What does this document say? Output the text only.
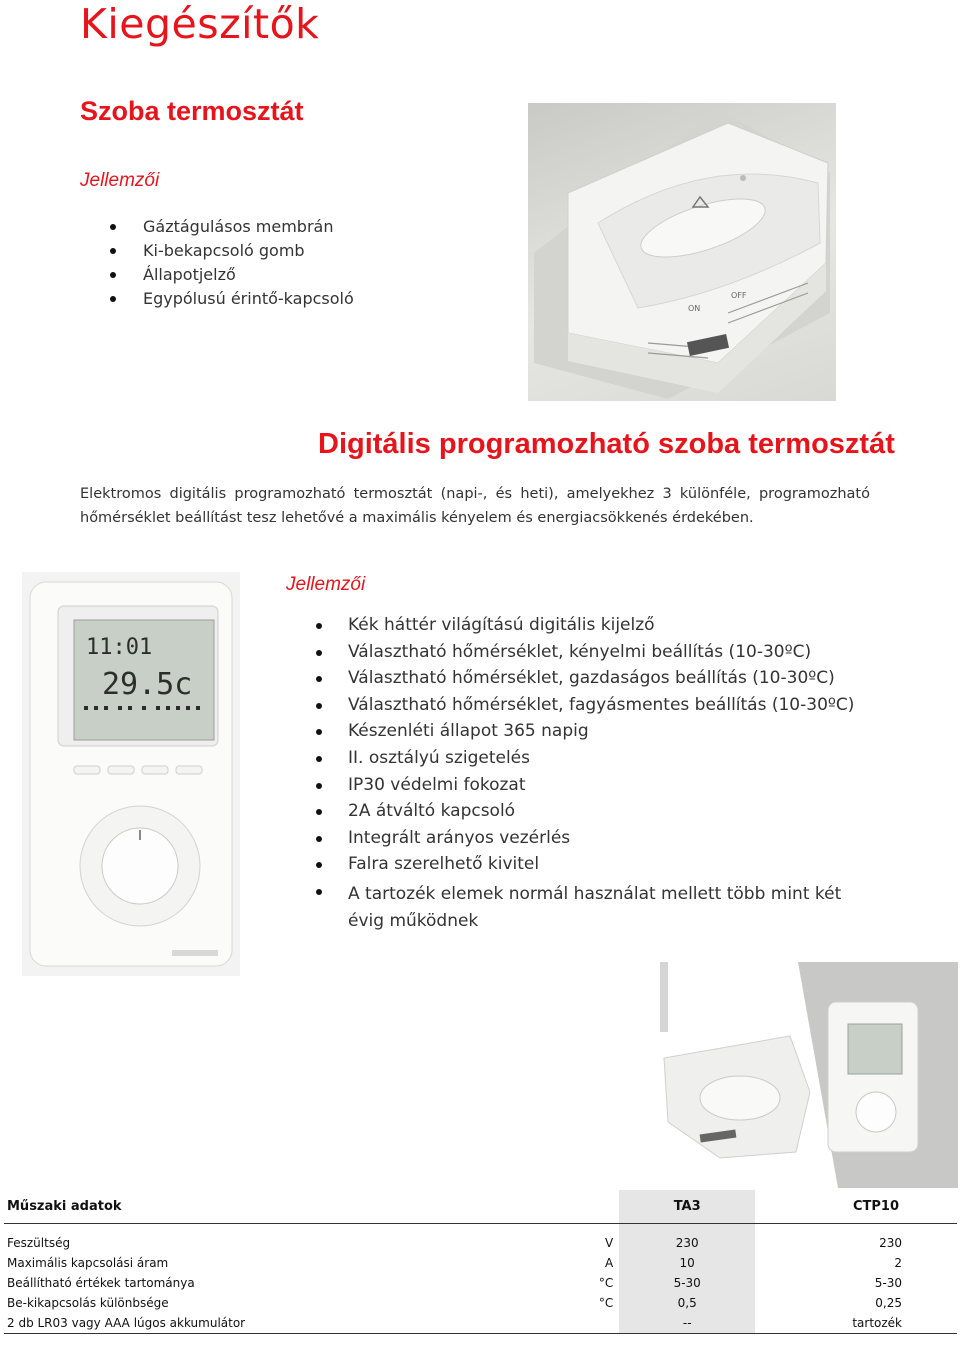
Kiegészítők
Szoba termosztát
Jellemzői
Gáztágulásos membrán
Ki-bekapcsoló gomb
Állapotjelző
Egypólusú érintő-kapcsoló
ON
OFF
Digitális programozható szoba termosztát
Elektromos digitális programozható termosztát (napi-, és heti), amelyekhez 3 különféle, programozható hőmérséklet beállítást tesz lehetővé a maximális kényelem és energiacsökkenés érdekében.
11:01
29.5c
Jellemzői
Kék háttér világítású digitális kijelző
Választható hőmérséklet, kényelmi beállítás (10-30ºC)
Választható hőmérséklet, gazdaságos beállítás (10-30ºC)
Választható hőmérséklet, fagyásmentes beállítás (10-30ºC)
Készenléti állapot 365 napig
II. osztályú szigetelés
IP30 védelmi fokozat
2A átváltó kapcsoló
Integrált arányos vezérlés
Falra szerelhető kivitel
A tartozék elemek normál használat mellett több mint két évig működnek
Műszaki adatok		TA3	CTP10

Feszültség	V	230	230
Maximális kapcsolási áram	A	10	2
Beállítható értékek tartománya	°C	5-30	5-30
Be-kikapcsolás különbsége	°C	0,5	0,25
2 db LR03 vagy AAA lúgos akkumulátor		--	tartozék
